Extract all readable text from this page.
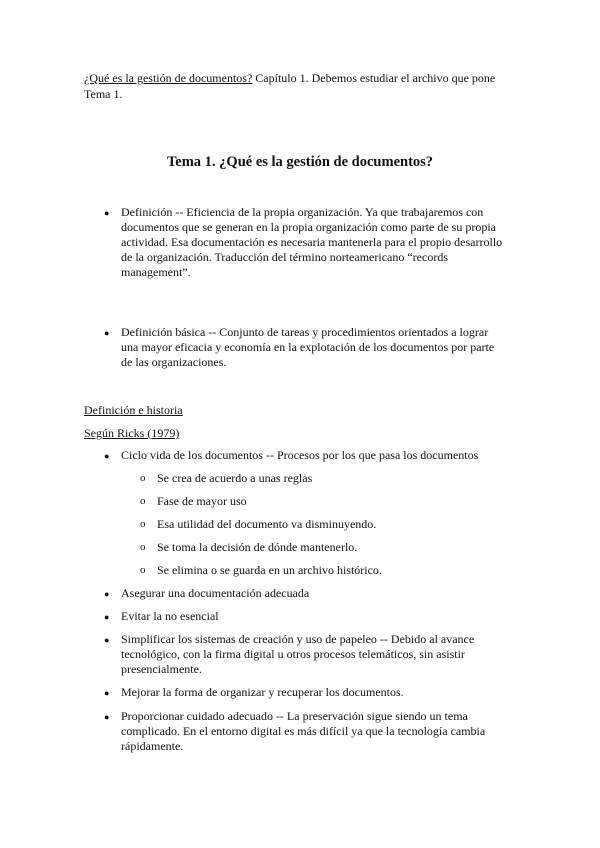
¿Qué es la gestión de documentos? Capítulo 1. Debemos estudiar el archivo que pone
Tema 1.
Tema 1. ¿Qué es la gestión de documentos?
● Definición -- Eficiencia de la propia organización. Ya que trabajaremos con
documentos que se generan en la propia organización como parte de su propia
actividad. Esa documentación es necesaria mantenerla para el propio desarrollo
de la organización. Traducción del término norteamericano “records
management”.
● Definición básica -- Conjunto de tareas y procedimientos orientados a lograr
una mayor eficacia y economía en la explotación de los documentos por parte
de las organizaciones.
Definición e historia
Según Ricks (1979)
● Ciclo vida de los documentos -- Procesos por los que pasa los documentos
o Se crea de acuerdo a unas reglas
o Fase de mayor uso
o Esa utilidad del documento va disminuyendo.
o Se toma la decisión de dónde mantenerlo.
o Se elimina o se guarda en un archivo histórico.
● Asegurar una documentación adecuada
● Evitar la no esencial
● Simplificar los sistemas de creación y uso de papeleo -- Debido al avance
tecnológico, con la firma digital u otros procesos telemáticos, sin asistir
presencialmente.
● Mejorar la forma de organizar y recuperar los documentos.
● Proporcionar cuidado adecuado -- La preservación sigue siendo un tema
complicado. En el entorno digital es más difícil ya que la tecnología cambia
rápidamente.
